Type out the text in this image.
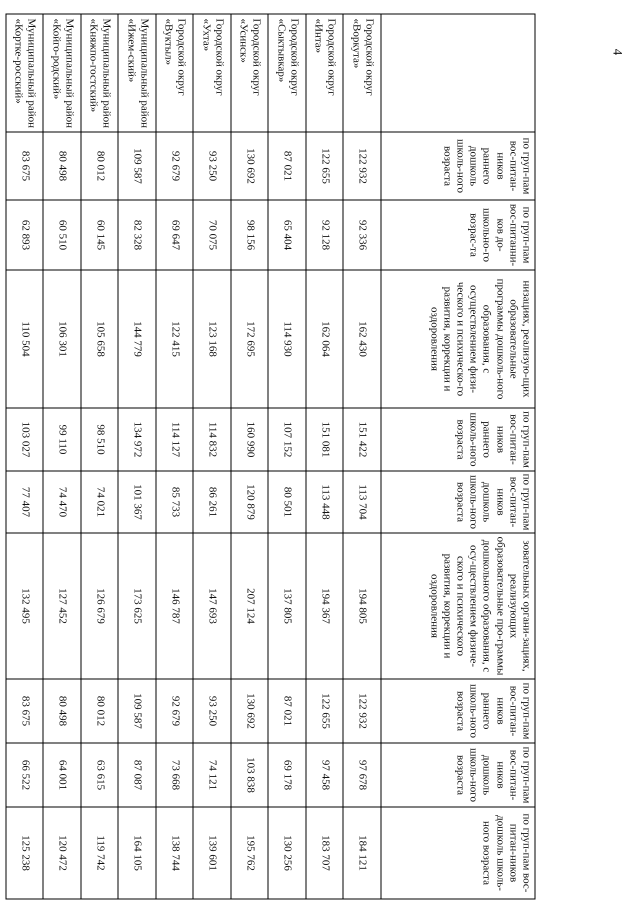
4
	по груп-пам вос-питан-ников раннего дошколь школь-ного возраста	по груп-пам вос-питанни-ков до-школьно-го возрас-та	низациях, реализую-щих образовательные программы дошколь-ного образования, с осуществлением физи-ческого и психическо-го развития, коррекции и оздоровления	по груп-пам вос-питан-ников раннего школь-ного возраста	по груп-пам вос-питан-ников дошколь школь-ного возраста	зовательных органи-зациях, реализующих образовательные про-граммы дошкольного образования, с осу-ществлением физиче-ского и психического развития, коррекции и оздоровления	по груп-пам вос-питан-ников раннего школь-ного возраста	по груп-пам вос-питан-ников дошколь школь-ного возраста	по груп-пам вос-питан-ников дошколь школь-ного возраста
Городской округ «Воркута»	122 932	92 336	162 430	151 422	113 704	194 805	122 932	97 678	184 121
Городской округ «Инта»	122 655	92 128	162 064	151 081	113 448	194 367	122 655	97 458	183 707
Городской округ «Сыктывкар»	87 021	65 404	114 930	107 152	80 501	137 805	87 021	69 178	130 256
Городской округ «Усинск»	130 692	98 156	172 695	160 990	120 879	207 124	130 692	103 838	195 762
Городской округ «Ухта»	93 250	70 075	123 168	114 832	86 261	147 693	93 250	74 121	139 601
Городской округ «Вуктыл»	92 679	69 647	122 415	114 127	85 733	146 787	92 679	73 668	138 744
Муниципальный район «Ижем-ский»	109 587	82 328	144 779	134 972	101 367	173 625	109 587	87 087	164 105
Муниципальный район «Княжпо-гостский»	80 012	60 145	105 658	98 510	74 021	126 679	80 012	63 615	119 742
Муниципальный район «Койго-родский»	80 498	60 510	106 301	99 110	74 470	127 452	80 498	64 001	120 472
Муниципальный район «Кортке-росский»	83 675	62 893	110 504	103 027	77 407	132 495	83 675	66 522	125 238
